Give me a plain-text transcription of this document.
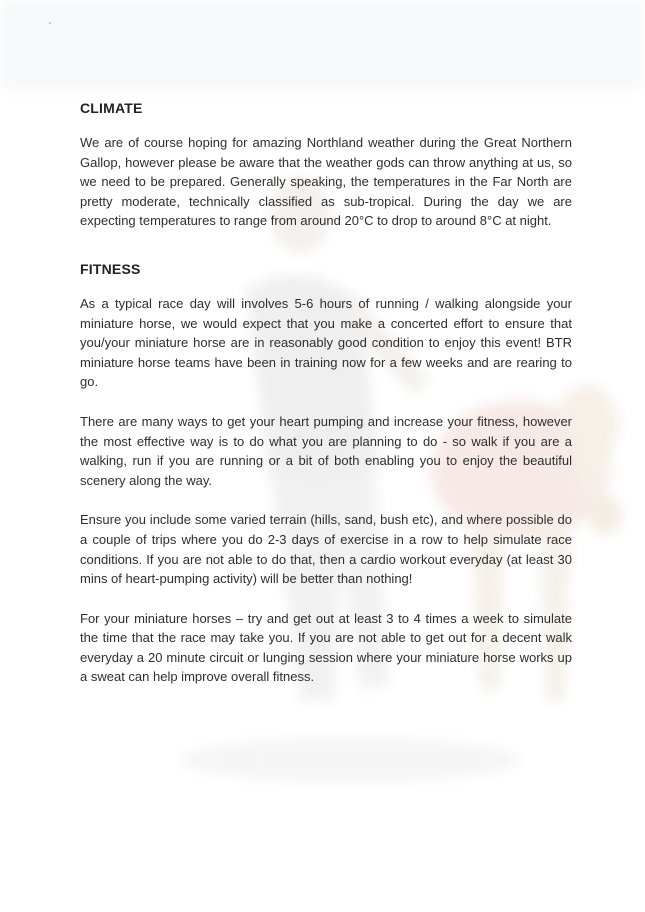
CLIMATE

We are of course hoping for amazing Northland weather during the Great Northern Gallop, however please be aware that the weather gods can throw anything at us, so we need to be prepared. Generally speaking, the temperatures in the Far North are pretty moderate, technically classified as sub-tropical. During the day we are expecting temperatures to range from around 20°C to drop to around 8°C at night.

FITNESS

As a typical race day will involves 5-6 hours of running / walking alongside your miniature horse, we would expect that you make a concerted effort to ensure that you/your miniature horse are in reasonably good condition to enjoy this event! BTR miniature horse teams have been in training now for a few weeks and are rearing to go.

There are many ways to get your heart pumping and increase your fitness, however the most effective way is to do what you are planning to do - so walk if you are a walking, run if you are running or a bit of both enabling you to enjoy the beautiful scenery along the way.

Ensure you include some varied terrain (hills, sand, bush etc), and where possible do a couple of trips where you do 2-3 days of exercise in a row to help simulate race conditions. If you are not able to do that, then a cardio workout everyday (at least 30 mins of heart-pumping activity) will be better than nothing!

For your miniature horses – try and get out at least 3 to 4 times a week to simulate the time that the race may take you. If you are not able to get out for a decent walk everyday a 20 minute circuit or lunging session where your miniature horse works up a sweat can help improve overall fitness.
